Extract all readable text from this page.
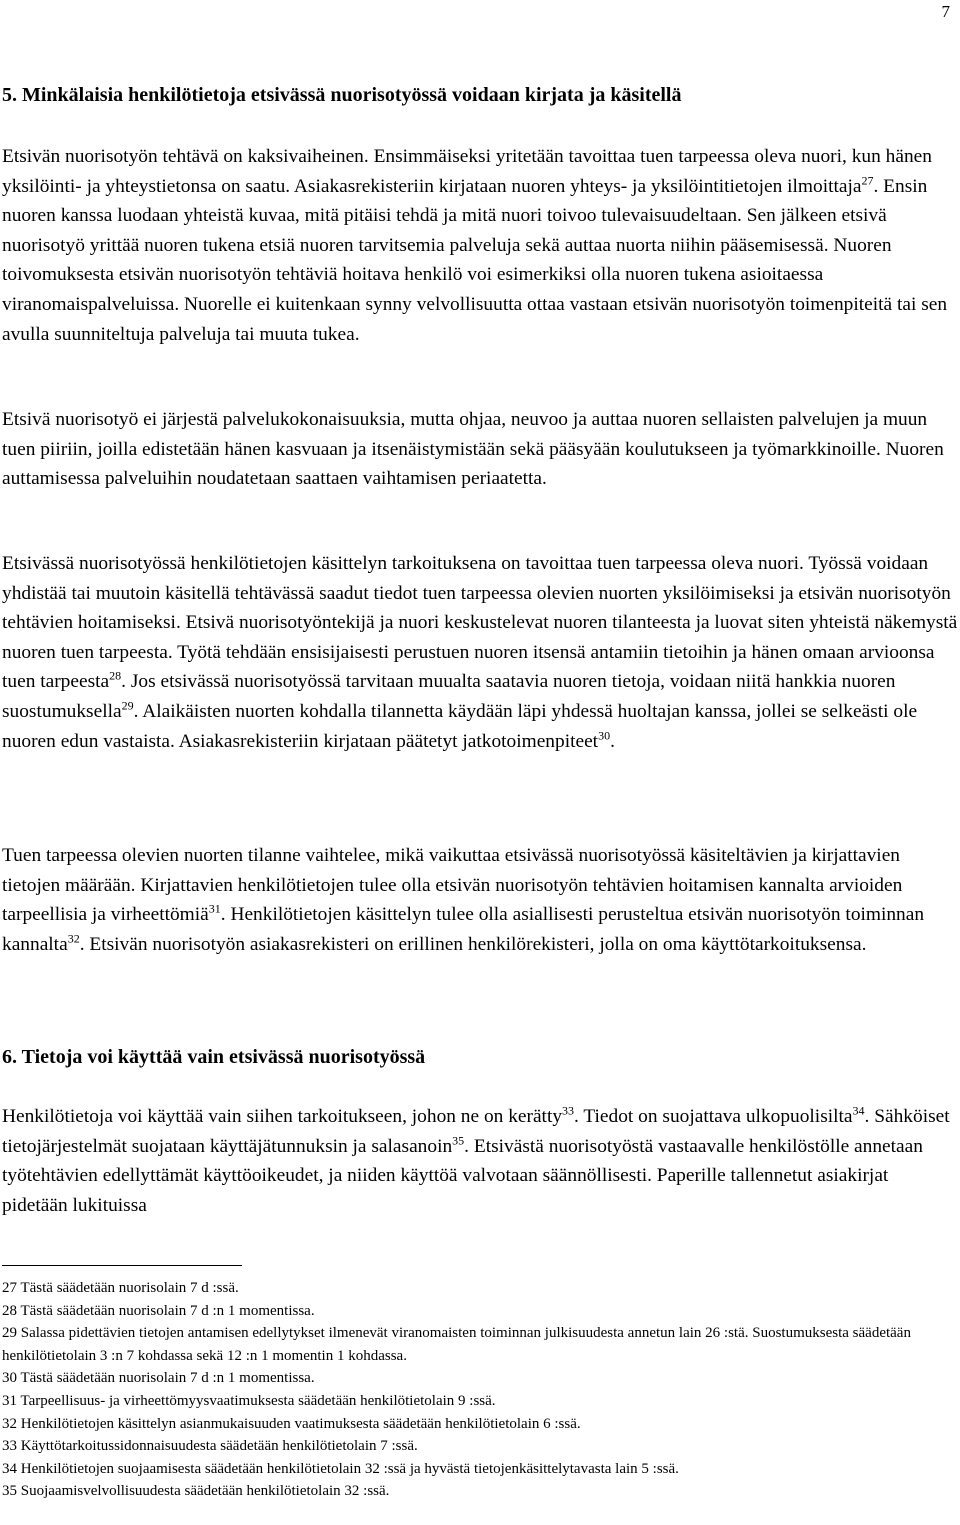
7
5. Minkälaisia henkilötietoja etsivässä nuorisotyössä voidaan kirjata ja käsitellä

Etsivän nuorisotyön tehtävä on kaksivaiheinen. Ensimmäiseksi yritetään tavoittaa tuen tarpeessa oleva nuori, kun hänen yksilöinti- ja yhteystietonsa on saatu. Asiakasrekisteriin kirjataan nuoren yhteys- ja yksilöintitietojen ilmoittaja$^{27}$. Ensin nuoren kanssa luodaan yhteistä kuvaa, mitä pitäisi tehdä ja mitä nuori toivoo tulevaisuudeltaan. Sen jälkeen etsivä nuorisotyö yrittää nuoren tukena etsiä nuoren tarvitsemia palveluja sekä auttaa nuorta niihin pääsemisessä. Nuoren toivomuksesta etsivän nuorisotyön tehtäviä hoitava henkilö voi esimerkiksi olla nuoren tukena asioitaessa viranomaispalveluissa. Nuorelle ei kuitenkaan synny velvollisuutta ottaa vastaan etsivän nuorisotyön toimenpiteitä tai sen avulla suunniteltuja palveluja tai muuta tukea.

Etsivä nuorisotyö ei järjestä palvelukokonaisuuksia, mutta ohjaa, neuvoo ja auttaa nuoren sellaisten palvelujen ja muun tuen piiriin, joilla edistetään hänen kasvuaan ja itsenäistymistään sekä pääsyään koulutukseen ja työmarkkinoille. Nuoren auttamisessa palveluihin noudatetaan saattaen vaihtamisen periaatetta.

Etsivässä nuorisotyössä henkilötietojen käsittelyn tarkoituksena on tavoittaa tuen tarpeessa oleva nuori. Työssä voidaan yhdistää tai muutoin käsitellä tehtävässä saadut tiedot tuen tarpeessa olevien nuorten yksilöimiseksi ja etsivän nuorisotyön tehtävien hoitamiseksi. Etsivä nuorisotyöntekijä ja nuori keskustelevat nuoren tilanteesta ja luovat siten yhteistä näkemystä nuoren tuen tarpeesta. Työtä tehdään ensisijaisesti perustuen nuoren itsensä antamiin tietoihin ja hänen omaan arvioonsa tuen tarpeesta$^{28}$. Jos etsivässä nuorisotyössä tarvitaan muualta saatavia nuoren tietoja, voidaan niitä hankkia nuoren suostumuksella$^{29}$. Alaikäisten nuorten kohdalla tilannetta käydään läpi yhdessä huoltajan kanssa, jollei se selkeästi ole nuoren edun vastaista. Asiakasrekisteriin kirjataan päätetyt jatkotoimenpiteet$^{30}$.

Tuen tarpeessa olevien nuorten tilanne vaihtelee, mikä vaikuttaa etsivässä nuorisotyössä käsiteltävien ja kirjattavien tietojen määrään. Kirjattavien henkilötietojen tulee olla etsivän nuorisotyön tehtävien hoitamisen kannalta arvioiden tarpeellisia ja virheettömiä$^{31}$. Henkilötietojen käsittelyn tulee olla asiallisesti perusteltua etsivän nuorisotyön toiminnan kannalta$^{32}$. Etsivän nuorisotyön asiakasrekisteri on erillinen henkilörekisteri, jolla on oma käyttötarkoituksensa.

6. Tietoja voi käyttää vain etsivässä nuorisotyössä

Henkilötietoja voi käyttää vain siihen tarkoitukseen, johon ne on kerätty$^{33}$. Tiedot on suojattava ulkopuolisilta$^{34}$. Sähköiset tietojärjestelmät suojataan käyttäjätunnuksin ja salasanoin$^{35}$. Etsivästä nuorisotyöstä vastaavalle henkilöstölle annetaan työtehtävien edellyttämät käyttöoikeudet, ja niiden käyttöä valvotaan säännöllisesti. Paperille tallennetut asiakirjat pidetään lukituissa

27 Tästä säädetään nuorisolain 7 d :ssä.
28 Tästä säädetään nuorisolain 7 d :n 1 momentissa.
29 Salassa pidettävien tietojen antamisen edellytykset ilmenevät viranomaisten toiminnan julkisuudesta annetun lain 26 :stä. Suostumuksesta säädetään henkilötietolain 3 :n 7 kohdassa sekä 12 :n 1 momentin 1 kohdassa.
30 Tästä säädetään nuorisolain 7 d :n 1 momentissa.
31 Tarpeellisuus- ja virheettömyysvaatimuksesta säädetään henkilötietolain 9 :ssä.
32 Henkilötietojen käsittelyn asianmukaisuuden vaatimuksesta säädetään henkilötietolain 6 :ssä.
33 Käyttötarkoitussidonnaisuudesta säädetään henkilötietolain 7 :ssä.
34 Henkilötietojen suojaamisesta säädetään henkilötietolain 32 :ssä ja hyvästä tietojenkäsittelytavasta lain 5 :ssä.
35 Suojaamisvelvollisuudesta säädetään henkilötietolain 32 :ssä.
